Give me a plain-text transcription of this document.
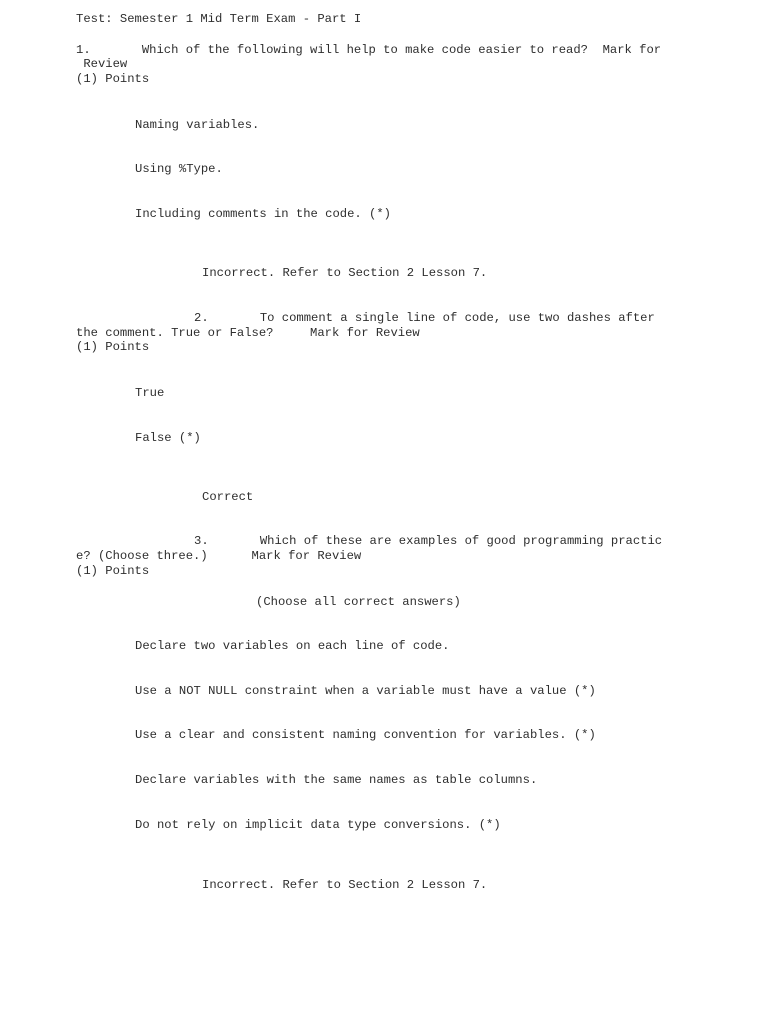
Test: Semester 1 Mid Term Exam - Part I
1.       Which of the following will help to make code easier to read?  Mark for
Review
(1) Points
Naming variables.
Using %Type.
Including comments in the code. (*)
Incorrect. Refer to Section 2 Lesson 7.
2.       To comment a single line of code, use two dashes after
the comment. True or False?     Mark for Review
(1) Points
True
False (*)
Correct
3.       Which of these are examples of good programming practic
e? (Choose three.)      Mark for Review
(1) Points
(Choose all correct answers)
Declare two variables on each line of code.
Use a NOT NULL constraint when a variable must have a value (*)
Use a clear and consistent naming convention for variables. (*)
Declare variables with the same names as table columns.
Do not rely on implicit data type conversions. (*)
Incorrect. Refer to Section 2 Lesson 7.
